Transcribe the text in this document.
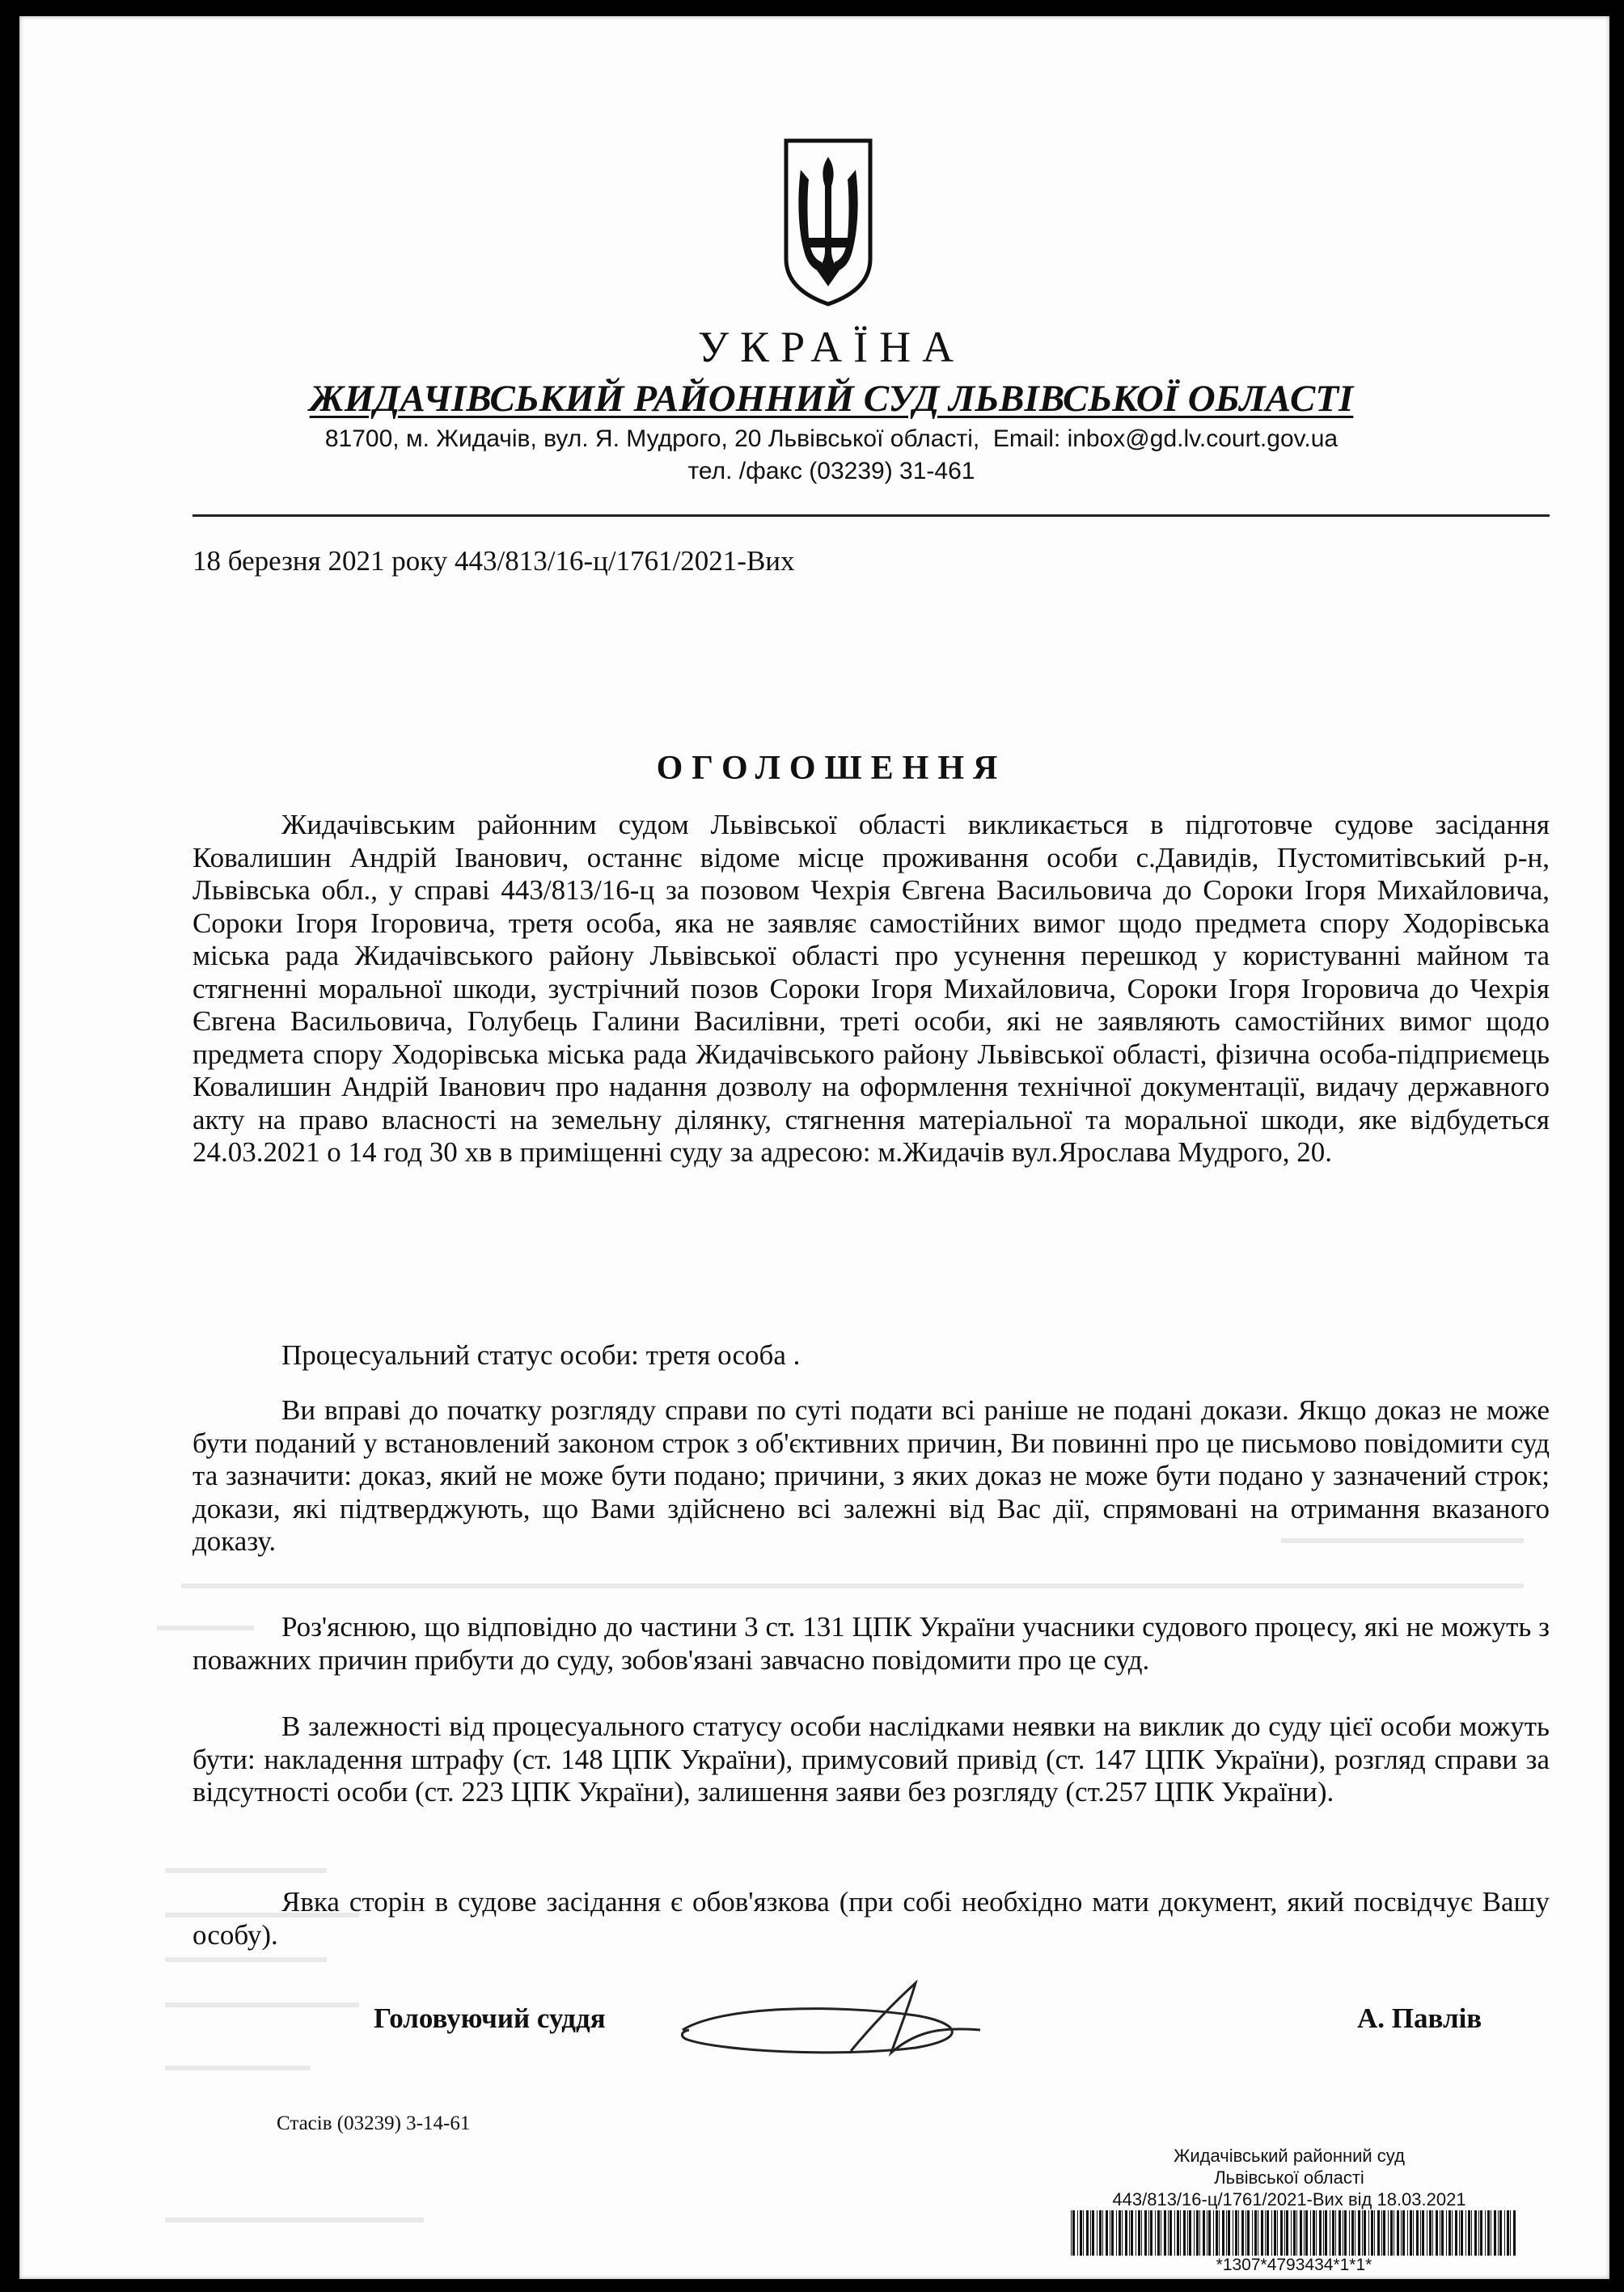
УКРАЇНА
ЖИДАЧІВСЬКИЙ РАЙОННИЙ СУД ЛЬВІВСЬКОЇ ОБЛАСТІ
81700, м. Жидачів, вул. Я. Мудрого, 20 Львівської області,  Email: inbox@gd.lv.court.gov.ua
тел. /факс (03239) 31-461
18 березня 2021 року 443/813/16-ц/1761/2021-Вих
ОГОЛОШЕННЯ
Жидачівським районним судом Львівської області викликається в підготовче судове засідання Ковалишин Андрій Іванович, останнє відоме місце проживання особи с.Давидів, Пустомитівський р-н, Львівська обл., у справі 443/813/16-ц за позовом Чехрія Євгена Васильовича до Сороки Ігоря Михайловича, Сороки Ігоря Ігоровича, третя особа, яка не заявляє самостійних вимог щодо предмета спору Ходорівська міська рада Жидачівського району Львівської області про усунення перешкод у користуванні майном та стягненні моральної шкоди, зустрічний позов Сороки Ігоря Михайловича, Сороки Ігоря Ігоровича до Чехрія Євгена Васильовича, Голубець Галини Василівни, треті особи, які не заявляють самостійних вимог щодо предмета спору Ходорівська міська рада Жидачівського району Львівської області, фізична особа-підприємець Ковалишин Андрій Іванович про надання дозволу на оформлення технічної документації, видачу державного акту на право власності на земельну ділянку, стягнення матеріальної та моральної шкоди, яке відбудеться 24.03.2021 о 14 год 30 хв в приміщенні суду за адресою: м.Жидачів вул.Ярослава Мудрого, 20.
Процесуальний статус особи: третя особа .
Ви вправі до початку розгляду справи по суті подати всі раніше не подані докази. Якщо доказ не може бути поданий у встановлений законом строк з об'єктивних причин, Ви повинні про це письмово повідомити суд та зазначити: доказ, який не може бути подано; причини, з яких доказ не може бути подано у зазначений строк; докази, які підтверджують, що Вами здійснено всі залежні від Вас дії, спрямовані на отримання вказаного доказу.
Роз'яснюю, що відповідно до частини 3 ст. 131 ЦПК України учасники судового процесу, які не можуть з поважних причин прибути до суду, зобов'язані завчасно повідомити про це суд.
В залежності від процесуального статусу особи наслідками неявки на виклик до суду цієї особи можуть бути: накладення штрафу (ст. 148 ЦПК України), примусовий привід (ст. 147 ЦПК України), розгляд справи за відсутності особи (ст. 223 ЦПК України), залишення заяви без розгляду (ст.257 ЦПК України).
Явка сторін в судове засідання є обов'язкова (при собі необхідно мати документ, який посвідчує Вашу особу).
Головуючий суддя	А. Павлів
Стасів (03239) 3-14-61
Жидачівський районний суд
Львівської області
443/813/16-ц/1761/2021-Вих від 18.03.2021
*1307*4793434*1*1*
